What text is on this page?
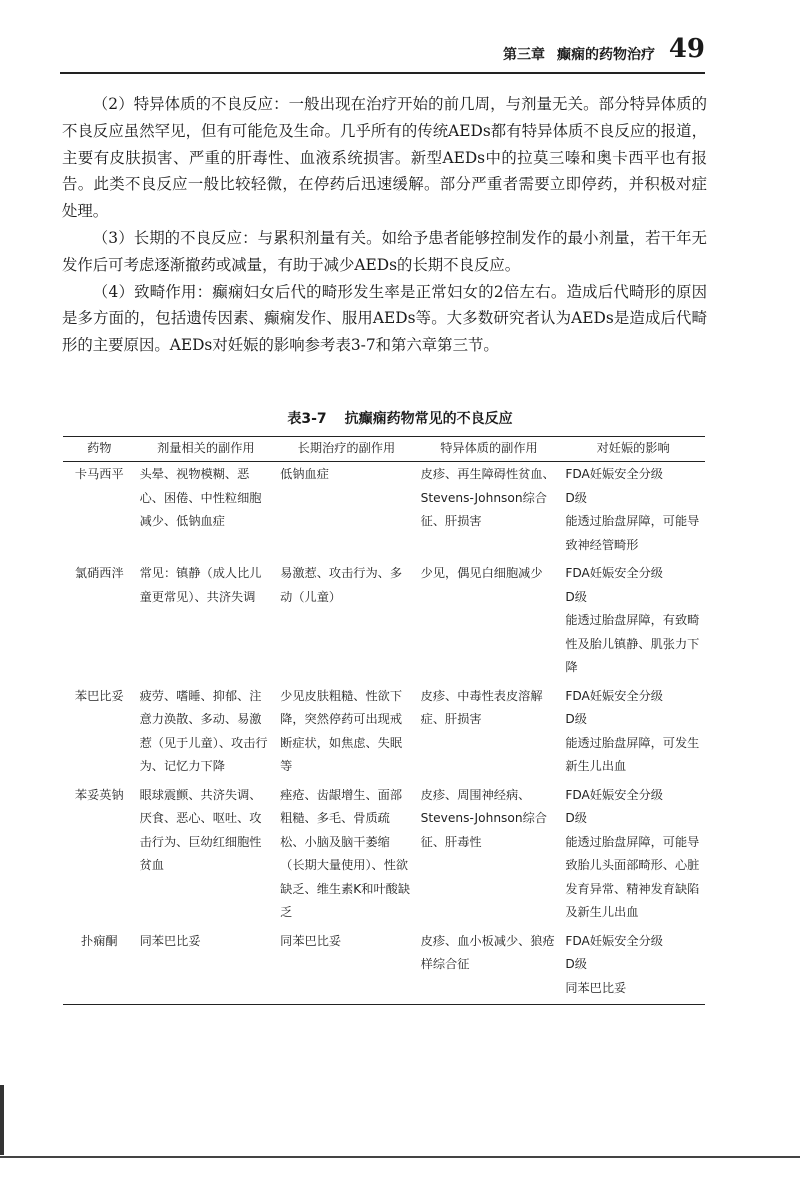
第三章 癫痫的药物治疗 49

（2）特异体质的不良反应：一般出现在治疗开始的前几周，与剂量无关。部分特异体质的不良反应虽然罕见，但有可能危及生命。几乎所有的传统AEDs都有特异体质不良反应的报道，主要有皮肤损害、严重的肝毒性、血液系统损害。新型AEDs中的拉莫三嗪和奥卡西平也有报告。此类不良反应一般比较轻微，在停药后迅速缓解。部分严重者需要立即停药，并积极对症处理。

（3）长期的不良反应：与累积剂量有关。如给予患者能够控制发作的最小剂量，若干年无发作后可考虑逐渐撤药或减量，有助于减少AEDs的长期不良反应。

（4）致畸作用：癫痫妇女后代的畸形发生率是正常妇女的2倍左右。造成后代畸形的原因是多方面的，包括遗传因素、癫痫发作、服用AEDs等。大多数研究者认为AEDs是造成后代畸形的主要原因。AEDs对妊娠的影响参考表3-7和第六章第三节。

表3-7 抗癫痫药物常见的不良反应
药物	剂量相关的副作用	长期治疗的副作用	特异体质的副作用	对妊娠的影响
卡马西平	头晕、视物模糊、恶心、困倦、中性粒细胞减少、低钠血症	低钠血症	皮疹、再生障碍性贫血、Stevens-Johnson综合征、肝损害	FDA妊娠安全分级
D级
能透过胎盘屏障，可能导致神经管畸形

氯硝西泮	常见：镇静（成人比儿童更常见）、共济失调	易激惹、攻击行为、多动（儿童）	少见，偶见白细胞减少	FDA妊娠安全分级
D级
能透过胎盘屏障，有致畸性及胎儿镇静、肌张力下降

苯巴比妥	疲劳、嗜睡、抑郁、注意力涣散、多动、易激惹（见于儿童）、攻击行为、记忆力下降	少见皮肤粗糙、性欲下降，突然停药可出现戒断症状，如焦虑、失眠等	皮疹、中毒性表皮溶解症、肝损害	FDA妊娠安全分级
D级
能透过胎盘屏障，可发生新生儿出血

苯妥英钠	眼球震颤、共济失调、厌食、恶心、呕吐、攻击行为、巨幼红细胞性贫血	痤疮、齿龈增生、面部粗糙、多毛、骨质疏松、小脑及脑干萎缩（长期大量使用）、性欲缺乏、维生素K和叶酸缺乏	皮疹、周围神经病、Stevens-Johnson综合征、肝毒性	FDA妊娠安全分级
D级
能透过胎盘屏障，可能导致胎儿头面部畸形、心脏发育异常、精神发育缺陷及新生儿出血

扑痫酮	同苯巴比妥	同苯巴比妥	皮疹、血小板减少、狼疮样综合征	FDA妊娠安全分级
D级
同苯巴比妥
